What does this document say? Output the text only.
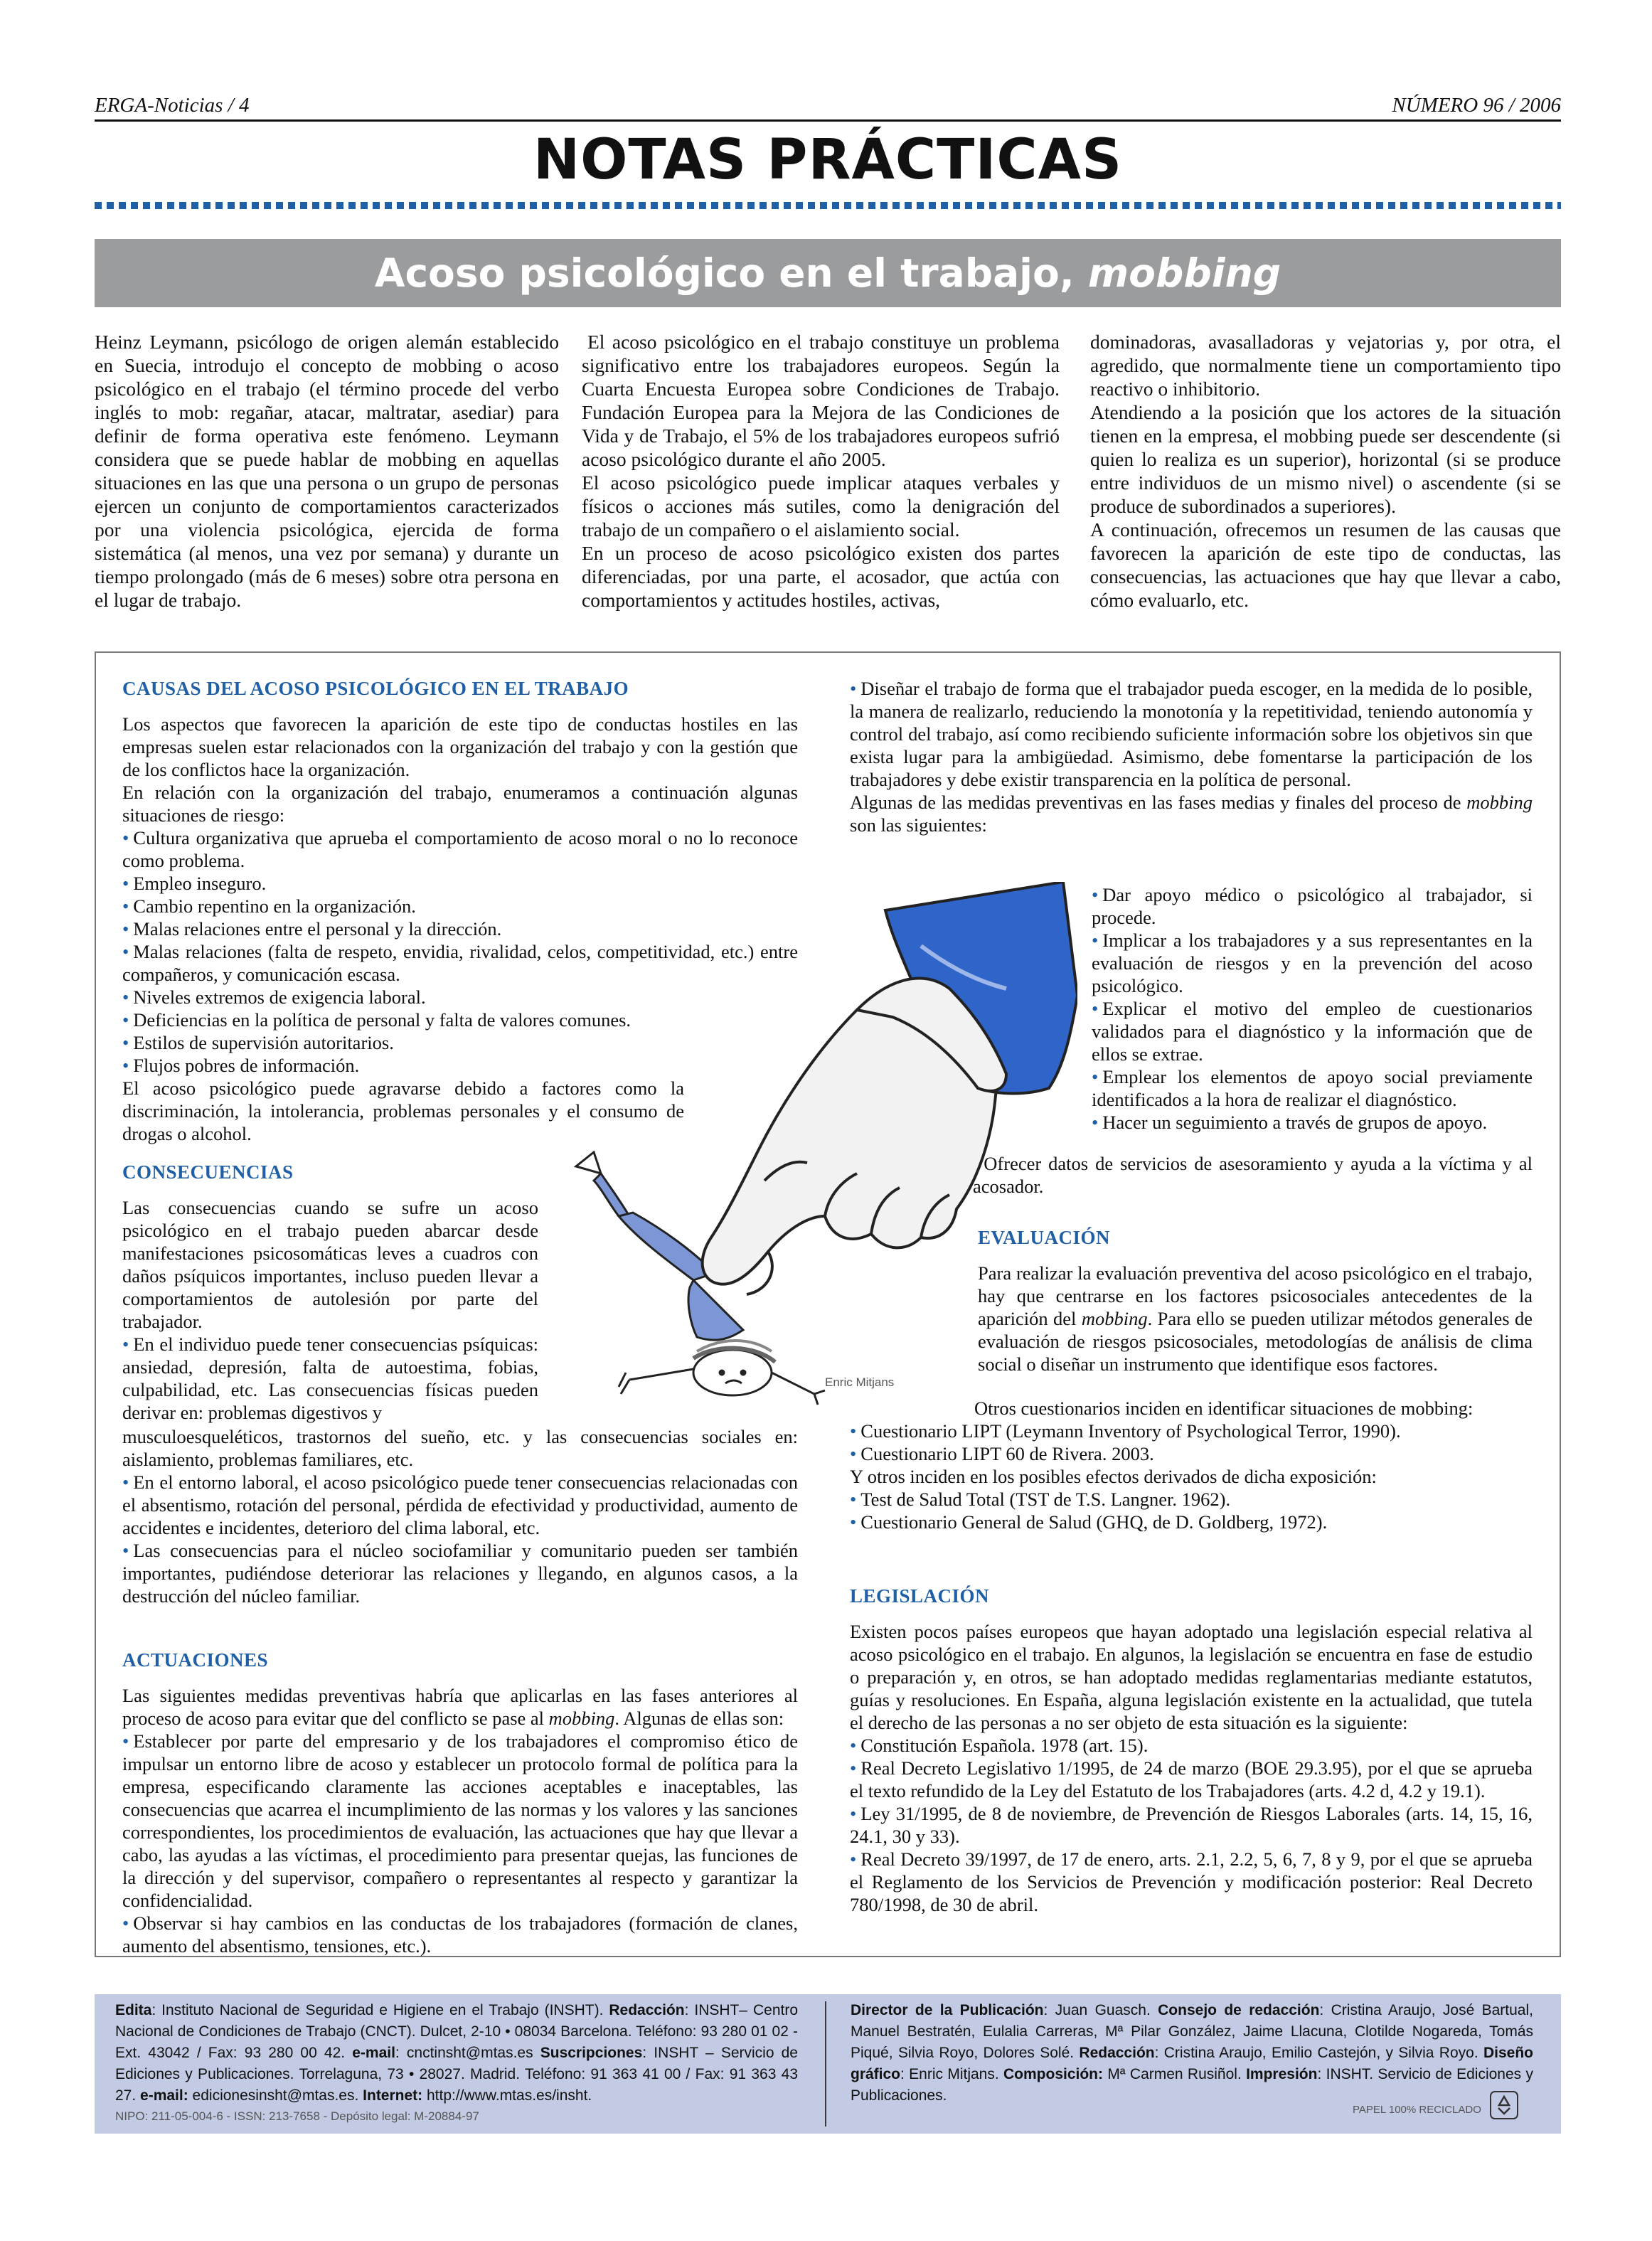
ERGA-Noticias / 4	NÚMERO 96 / 2006
NOTAS PRÁCTICAS
Acoso psicológico en el trabajo, mobbing

Heinz Leymann, psicólogo de origen alemán establecido en Suecia, introdujo el concepto de mobbing o acoso psicológico en el trabajo (el término procede del verbo inglés to mob: regañar, atacar, maltratar, asediar) para definir de forma operativa este fenómeno. Leymann considera que se puede hablar de mobbing en aquellas situaciones en las que una persona o un grupo de personas ejercen un conjunto de comportamientos caracterizados por una violencia psicológica, ejercida de forma sistemática (al menos, una vez por semana) y durante un tiempo prolongado (más de 6 meses) sobre otra persona en el lugar de trabajo.

El acoso psicológico en el trabajo constituye un problema significativo entre los trabajadores europeos. Según la Cuarta Encuesta Europea sobre Condiciones de Trabajo. Fundación Europea para la Mejora de las Condiciones de Vida y de Trabajo, el 5% de los trabajadores europeos sufrió acoso psicológico durante el año 2005.

El acoso psicológico puede implicar ataques verbales y físicos o acciones más sutiles, como la denigración del trabajo de un compañero o el aislamiento social.

En un proceso de acoso psicológico existen dos partes diferenciadas, por una parte, el acosador, que actúa con comportamientos y actitudes hostiles, activas,

dominadoras, avasalladoras y vejatorias y, por otra, el agredido, que normalmente tiene un comportamiento tipo reactivo o inhibitorio.

Atendiendo a la posición que los actores de la situación tienen en la empresa, el mobbing puede ser descendente (si quien lo realiza es un superior), horizontal (si se produce entre individuos de un mismo nivel) o ascendente (si se produce de subordinados a superiores).

A continuación, ofrecemos un resumen de las causas que favorecen la aparición de este tipo de conductas, las consecuencias, las actuaciones que hay que llevar a cabo, cómo evaluarlo, etc.

CAUSAS DEL ACOSO PSICOLÓGICO EN EL TRABAJO

Los aspectos que favorecen la aparición de este tipo de conductas hostiles en las empresas suelen estar relacionados con la organización del trabajo y con la gestión que de los conflictos hace la organización.

En relación con la organización del trabajo, enumeramos a continuación algunas situaciones de riesgo:

• Cultura organizativa que aprueba el comportamiento de acoso moral o no lo reconoce como problema.

• Empleo inseguro.

• Cambio repentino en la organización.

• Malas relaciones entre el personal y la dirección.

• Malas relaciones (falta de respeto, envidia, rivalidad, celos, competitividad, etc.) entre compañeros, y comunicación escasa.

• Niveles extremos de exigencia laboral.

• Deficiencias en la política de personal y falta de valores comunes.

• Estilos de supervisión autoritarios.

• Flujos pobres de información.

El acoso psicológico puede agravarse debido a factores como la discriminación, la intolerancia, problemas personales y el consumo de drogas o alcohol.

CONSECUENCIAS

Las consecuencias cuando se sufre un acoso psicológico en el trabajo pueden abarcar desde manifestaciones psicosomáticas leves a cuadros con daños psíquicos importantes, incluso pueden llevar a comportamientos de autolesión por parte del trabajador.

• En el individuo puede tener consecuencias psíquicas: ansiedad, depresión, falta de autoestima, fobias, culpabilidad, etc. Las consecuencias físicas pueden derivar en: problemas digestivos y

musculoesqueléticos, trastornos del sueño, etc. y las consecuencias sociales en: aislamiento, problemas familiares, etc.

• En el entorno laboral, el acoso psicológico puede tener consecuencias relacionadas con el absentismo, rotación del personal, pérdida de efectividad y productividad, aumento de accidentes e incidentes, deterioro del clima laboral, etc.

• Las consecuencias para el núcleo sociofamiliar y comunitario pueden ser también importantes, pudiéndose deteriorar las relaciones y llegando, en algunos casos, a la destrucción del núcleo familiar.

ACTUACIONES

Las siguientes medidas preventivas habría que aplicarlas en las fases anteriores al proceso de acoso para evitar que del conflicto se pase al mobbing. Algunas de ellas son:

• Establecer por parte del empresario y de los trabajadores el compromiso ético de impulsar un entorno libre de acoso y establecer un protocolo formal de política para la empresa, especificando claramente las acciones aceptables e inaceptables, las consecuencias que acarrea el incumplimiento de las normas y los valores y las sanciones correspondientes, los procedimientos de evaluación, las actuaciones que hay que llevar a cabo, las ayudas a las víctimas, el procedimiento para presentar quejas, las funciones de la dirección y del supervisor, compañero o representantes al respecto y garantizar la confidencialidad.

• Observar si hay cambios en las conductas de los trabajadores (formación de clanes, aumento del absentismo, tensiones, etc.).

• Diseñar el trabajo de forma que el trabajador pueda escoger, en la medida de lo posible, la manera de realizarlo, reduciendo la monotonía y la repetitividad, teniendo autonomía y control del trabajo, así como recibiendo suficiente información sobre los objetivos sin que exista lugar para la ambigüedad. Asimismo, debe fomentarse la participación de los trabajadores y debe existir transparencia en la política de personal.

Algunas de las medidas preventivas en las fases medias y finales del proceso de mobbing son las siguientes:

• Dar apoyo médico o psicológico al trabajador, si procede.

• Implicar a los trabajadores y a sus representantes en la evaluación de riesgos y en la prevención del acoso psicológico.

• Explicar el motivo del empleo de cuestionarios validados para el diagnóstico y la información que de ellos se extrae.

• Emplear los elementos de apoyo social previamente identificados a la hora de realizar el diagnóstico.

• Hacer un seguimiento a través de grupos de apoyo.

Ofrecer datos de servicios de asesoramiento y ayuda a la víctima y al acosador.

EVALUACIÓN

Para realizar la evaluación preventiva del acoso psicológico en el trabajo, hay que centrarse en los factores psicosociales antecedentes de la aparición del mobbing. Para ello se pueden utilizar métodos generales de evaluación de riesgos psicosociales, metodologías de análisis de clima social o diseñar un instrumento que identifique esos factores.

Otros cuestionarios inciden en identificar situaciones de mobbing:

• Cuestionario LIPT (Leymann Inventory of Psychological Terror, 1990).

• Cuestionario LIPT 60 de Rivera. 2003.

Y otros inciden en los posibles efectos derivados de dicha exposición:

• Test de Salud Total (TST de T.S. Langner. 1962).

• Cuestionario General de Salud (GHQ, de D. Goldberg, 1972).

LEGISLACIÓN

Existen pocos países europeos que hayan adoptado una legislación especial relativa al acoso psicológico en el trabajo. En algunos, la legislación se encuentra en fase de estudio o preparación y, en otros, se han adoptado medidas reglamentarias mediante estatutos, guías y resoluciones. En España, alguna legislación existente en la actualidad, que tutela el derecho de las personas a no ser objeto de esta situación es la siguiente:

• Constitución Española. 1978 (art. 15).

• Real Decreto Legislativo 1/1995, de 24 de marzo (BOE 29.3.95), por el que se aprueba el texto refundido de la Ley del Estatuto de los Trabajadores (arts. 4.2 d, 4.2 y 19.1).

• Ley 31/1995, de 8 de noviembre, de Prevención de Riesgos Laborales (arts. 14, 15, 16, 24.1, 30 y 33).

• Real Decreto 39/1997, de 17 de enero, arts. 2.1, 2.2, 5, 6, 7, 8 y 9, por el que se aprueba el Reglamento de los Servicios de Prevención y modificación posterior: Real Decreto 780/1998, de 30 de abril.

Enric Mitjans

Edita: Instituto Nacional de Seguridad e Higiene en el Trabajo (INSHT). Redacción: INSHT– Centro Nacional de Condiciones de Trabajo (CNCT). Dulcet, 2-10 • 08034 Barcelona. Teléfono: 93 280 01 02 - Ext. 43042 / Fax: 93 280 00 42. e-mail: cnctinsht@mtas.es Suscripciones: INSHT – Servicio de Ediciones y Publicaciones. Torrelaguna, 73 • 28027. Madrid. Teléfono: 91 363 41 00 / Fax: 91 363 43 27. e-mail: edicionesinsht@mtas.es. Internet: http://www.mtas.es/insht.

NIPO: 211-05-004-6 - ISSN: 213-7658 - Depósito legal: M-20884-97

Director de la Publicación: Juan Guasch. Consejo de redacción: Cristina Araujo, José Bartual, Manuel Bestratén, Eulalia Carreras, Mª Pilar González, Jaime Llacuna, Clotilde Nogareda, Tomás Piqué, Silvia Royo, Dolores Solé. Redacción: Cristina Araujo, Emilio Castejón, y Silvia Royo. Diseño gráfico: Enric Mitjans. Composición: Mª Carmen Rusiñol. Impresión: INSHT. Servicio de Ediciones y Publicaciones.

PAPEL 100% RECICLADO
